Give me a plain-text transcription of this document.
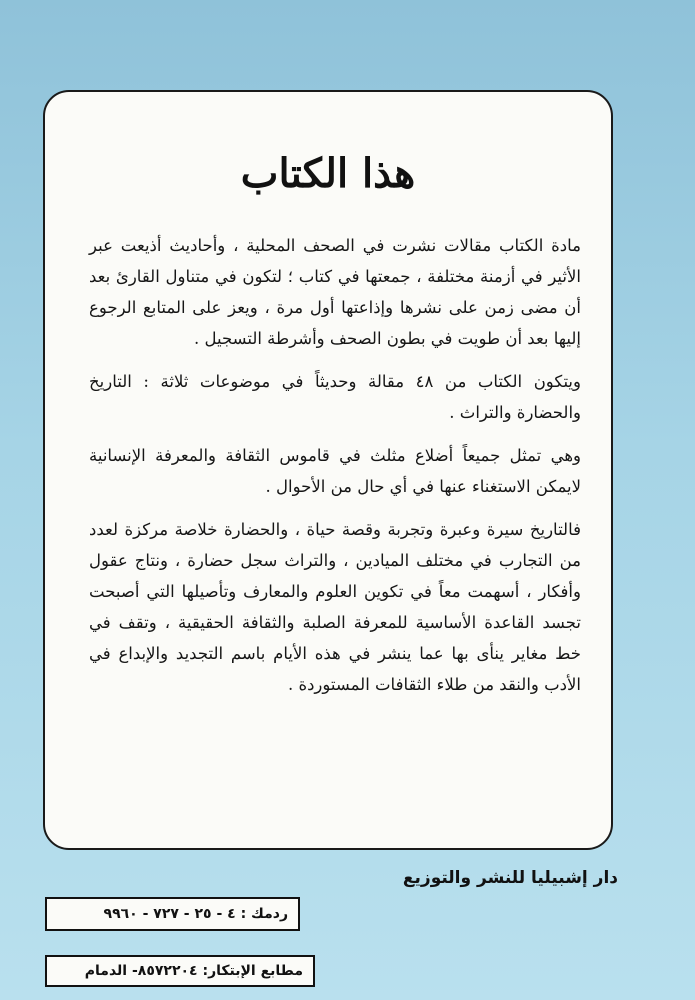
هذا الكتاب

مادة الكتاب مقالات نشرت في الصحف المحلية ، وأحاديث أذيعت عبر الأثير في أزمنة مختلفة ، جمعتها في كتاب ؛ لتكون في متناول القارئ بعد أن مضى زمن على نشرها وإذاعتها أول مرة ، ويعز على المتابع الرجوع إليها بعد أن طويت في بطون الصحف وأشرطة التسجيل .

ويتكون الكتاب من ٤٨ مقالة وحديثاً في موضوعات ثلاثة : التاريخ والحضارة والتراث .

وهي تمثل جميعاً أضلاع مثلث في قاموس الثقافة والمعرفة الإنسانية لايمكن الاستغناء عنها في أي حال من الأحوال .

فالتاريخ سيرة وعبرة وتجربة وقصة حياة ، والحضارة خلاصة مركزة لعدد من التجارب في مختلف الميادين ، والتراث سجل حضارة ، ونتاج عقول وأفكار ، أسهمت معاً في تكوين العلوم والمعارف وتأصيلها التي أصبحت تجسد القاعدة الأساسية للمعرفة الصلبة والثقافة الحقيقية ، وتقف في خط مغاير ينأى بها عما ينشر في هذه الأيام باسم التجديد والإبداع في الأدب والنقد من طلاء الثقافات المستوردة .

دار إشبيليا للنشر والتوزيع
ردمك : ٤ - ٢٥ - ٧٢٧ - ٩٩٦٠
مطابع الإبتكار: ٨٥٧٢٢٠٤- الدمام
